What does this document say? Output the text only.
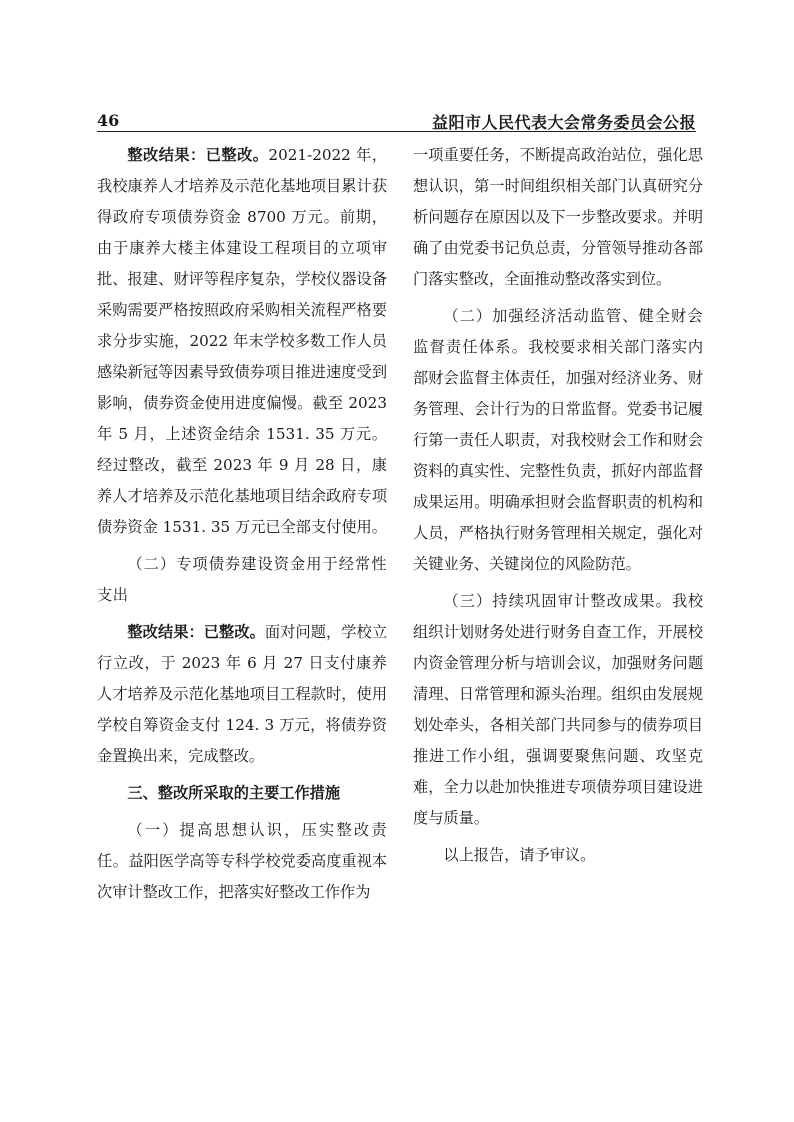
46	益阳市人民代表大会常务委员会公报

整改结果：已整改。2021-2022 年，我校康养人才培养及示范化基地项目累计获得政府专项债券资金 8700 万元。前期，由于康养大楼主体建设工程项目的立项审批、报建、财评等程序复杂，学校仪器设备采购需要严格按照政府采购相关流程严格要求分步实施，2022 年末学校多数工作人员感染新冠等因素导致债券项目推进速度受到影响，债券资金使用进度偏慢。截至 2023 年 5 月，上述资金结余 1531. 35 万元。经过整改，截至 2023 年 9 月 28 日，康养人才培养及示范化基地项目结余政府专项债券资金 1531. 35 万元已全部支付使用。

（二）专项债券建设资金用于经常性支出

整改结果：已整改。面对问题，学校立行立改，于 2023 年 6 月 27 日支付康养人才培养及示范化基地项目工程款时，使用学校自筹资金支付 124. 3 万元，将债券资金置换出来，完成整改。

三、整改所采取的主要工作措施

（一）提高思想认识，压实整改责任。益阳医学高等专科学校党委高度重视本次审计整改工作，把落实好整改工作作为

一项重要任务，不断提高政治站位，强化思想认识，第一时间组织相关部门认真研究分析问题存在原因以及下一步整改要求。并明确了由党委书记负总责，分管领导推动各部门落实整改，全面推动整改落实到位。

（二）加强经济活动监管、健全财会监督责任体系。我校要求相关部门落实内部财会监督主体责任，加强对经济业务、财务管理、会计行为的日常监督。党委书记履行第一责任人职责，对我校财会工作和财会资料的真实性、完整性负责，抓好内部监督成果运用。明确承担财会监督职责的机构和人员，严格执行财务管理相关规定，强化对关键业务、关键岗位的风险防范。

（三）持续巩固审计整改成果。我校组织计划财务处进行财务自查工作，开展校内资金管理分析与培训会议，加强财务问题清理、日常管理和源头治理。组织由发展规划处牵头，各相关部门共同参与的债券项目推进工作小组，强调要聚焦问题、攻坚克难，全力以赴加快推进专项债券项目建设进度与质量。

以上报告，请予审议。
